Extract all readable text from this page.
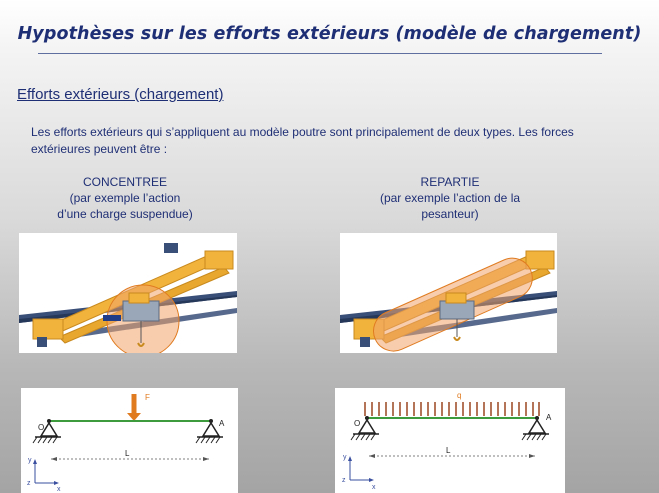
Hypothèses sur les efforts extérieurs (modèle de chargement)
Efforts extérieurs (chargement)
Les efforts extérieurs qui s’appliquent au modèle poutre sont principalement de deux types. Les forces extérieures peuvent être :
CONCENTREE
(par exemple l’action
d’une charge suspendue)
REPARTIE
(par exemple l’action de la
pesanteur)
F
O	A
L
y
z
x
q
O
A
L
y
z
x
